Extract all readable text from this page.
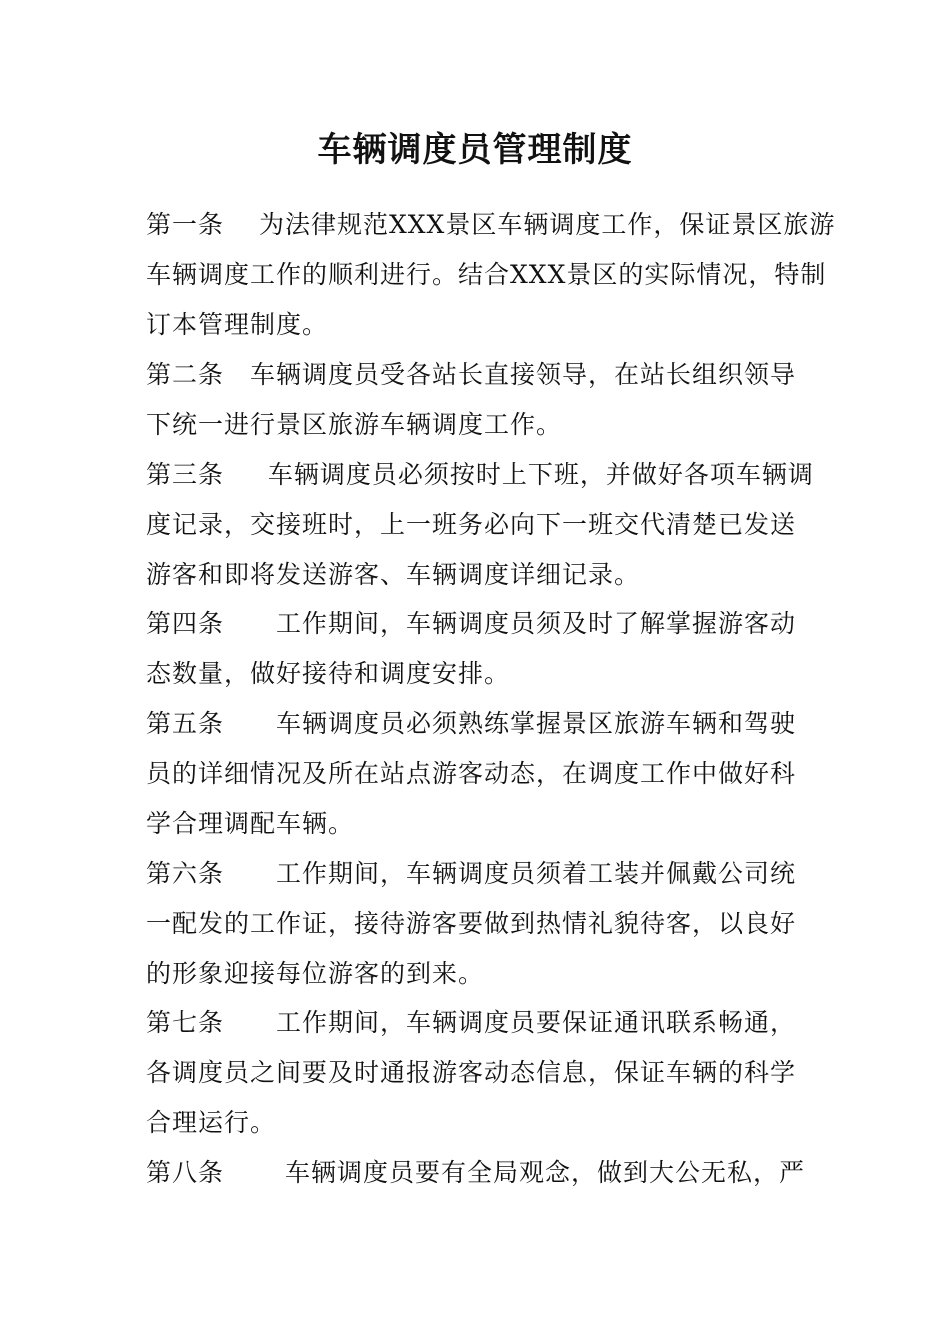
车辆调度员管理制度

第一条　 为法律规范XXX景区车辆调度工作，保证景区旅游

车辆调度工作的顺利进行。结合XXX景区的实际情况，特制

订本管理制度。

第二条　车辆调度员受各站长直接领导，在站长组织领导

下统一进行景区旅游车辆调度工作。

第三条　  车辆调度员必须按时上下班，并做好各项车辆调

度记录，交接班时，上一班务必向下一班交代清楚已发送

游客和即将发送游客、车辆调度详细记录。

第四条　　工作期间，车辆调度员须及时了解掌握游客动

态数量，做好接待和调度安排。

第五条　　车辆调度员必须熟练掌握景区旅游车辆和驾驶

员的详细情况及所在站点游客动态，在调度工作中做好科

学合理调配车辆。

第六条　　工作期间，车辆调度员须着工装并佩戴公司统

一配发的工作证，接待游客要做到热情礼貌待客，以良好

的形象迎接每位游客的到来。

第七条　　工作期间，车辆调度员要保证通讯联系畅通，

各调度员之间要及时通报游客动态信息，保证车辆的科学

合理运行。

第八条　　 车辆调度员要有全局观念，做到大公无私，严
